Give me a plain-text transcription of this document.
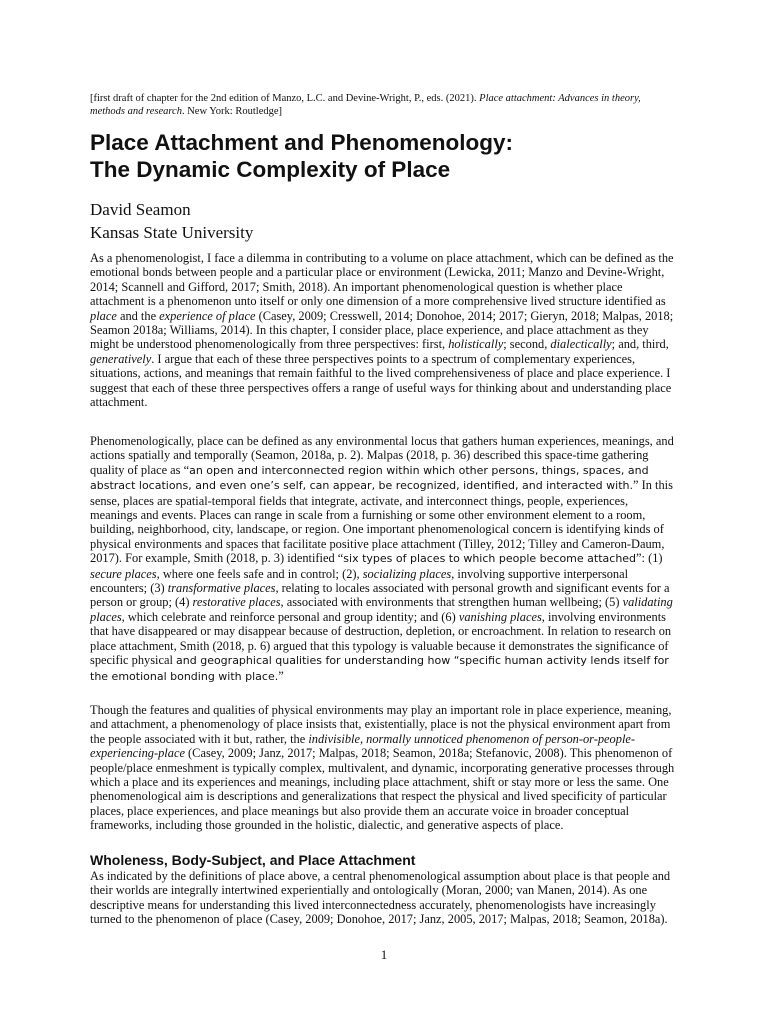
[first draft of chapter for the 2nd edition of Manzo, L.C. and Devine-Wright, P., eds. (2021). Place attachment: Advances in theory, methods and research. New York: Routledge]
Place Attachment and Phenomenology:
The Dynamic Complexity of Place
David Seamon
Kansas State University

As a phenomenologist, I face a dilemma in contributing to a volume on place attachment, which can be defined as the emotional bonds between people and a particular place or environment (Lewicka, 2011; Manzo and Devine-Wright, 2014; Scannell and Gifford, 2017; Smith, 2018). An important phenomenological question is whether place attachment is a phenomenon unto itself or only one dimension of a more comprehensive lived structure identified as place and the experience of place (Casey, 2009; Cresswell, 2014; Donohoe, 2014; 2017; Gieryn, 2018; Malpas, 2018; Seamon 2018a; Williams, 2014). In this chapter, I consider place, place experience, and place attachment as they might be understood phenomenologically from three perspectives: first, holistically; second, dialectically; and, third, generatively. I argue that each of these three perspectives points to a spectrum of complementary experiences, situations, actions, and meanings that remain faithful to the lived comprehensiveness of place and place experience. I suggest that each of these three perspectives offers a range of useful ways for thinking about and understanding place attachment.

Phenomenologically, place can be defined as any environmental locus that gathers human experiences, meanings, and actions spatially and temporally (Seamon, 2018a, p. 2). Malpas (2018, p. 36) described this space-time gathering quality of place as “an open and interconnected region within which other persons, things, spaces, and abstract locations, and even one’s self, can appear, be recognized, identified, and interacted with.” In this sense, places are spatial-temporal fields that integrate, activate, and interconnect things, people, experiences, meanings and events. Places can range in scale from a furnishing or some other environment element to a room, building, neighborhood, city, landscape, or region. One important phenomenological concern is identifying kinds of physical environments and spaces that facilitate positive place attachment (Tilley, 2012; Tilley and Cameron-Daum, 2017). For example, Smith (2018, p. 3) identified “six types of places to which people become attached”: (1) secure places, where one feels safe and in control; (2), socializing places, involving supportive interpersonal encounters; (3) transformative places, relating to locales associated with personal growth and significant events for a person or group; (4) restorative places, associated with environments that strengthen human wellbeing; (5) validating places, which celebrate and reinforce personal and group identity; and (6) vanishing places, involving environments that have disappeared or may disappear because of destruction, depletion, or encroachment. In relation to research on place attachment, Smith (2018, p. 6) argued that this typology is valuable because it demonstrates the significance of specific physical and geographical qualities for understanding how “specific human activity lends itself for the emotional bonding with place.”

Though the features and qualities of physical environments may play an important role in place experience, meaning, and attachment, a phenomenology of place insists that, existentially, place is not the physical environment apart from the people associated with it but, rather, the indivisible, normally unnoticed phenomenon of person-or-people-experiencing-place (Casey, 2009; Janz, 2017; Malpas, 2018; Seamon, 2018a; Stefanovic, 2008). This phenomenon of people/place enmeshment is typically complex, multivalent, and dynamic, incorporating generative processes through which a place and its experiences and meanings, including place attachment, shift or stay more or less the same. One phenomenological aim is descriptions and generalizations that respect the physical and lived specificity of particular places, place experiences, and place meanings but also provide them an accurate voice in broader conceptual frameworks, including those grounded in the holistic, dialectic, and generative aspects of place.

Wholeness, Body-Subject, and Place Attachment

As indicated by the definitions of place above, a central phenomenological assumption about place is that people and their worlds are integrally intertwined experientially and ontologically (Moran, 2000; van Manen, 2014). As one descriptive means for understanding this lived interconnectedness accurately, phenomenologists have increasingly turned to the phenomenon of place (Casey, 2009; Donohoe, 2017; Janz, 2005, 2017; Malpas, 2018; Seamon, 2018a).

1
